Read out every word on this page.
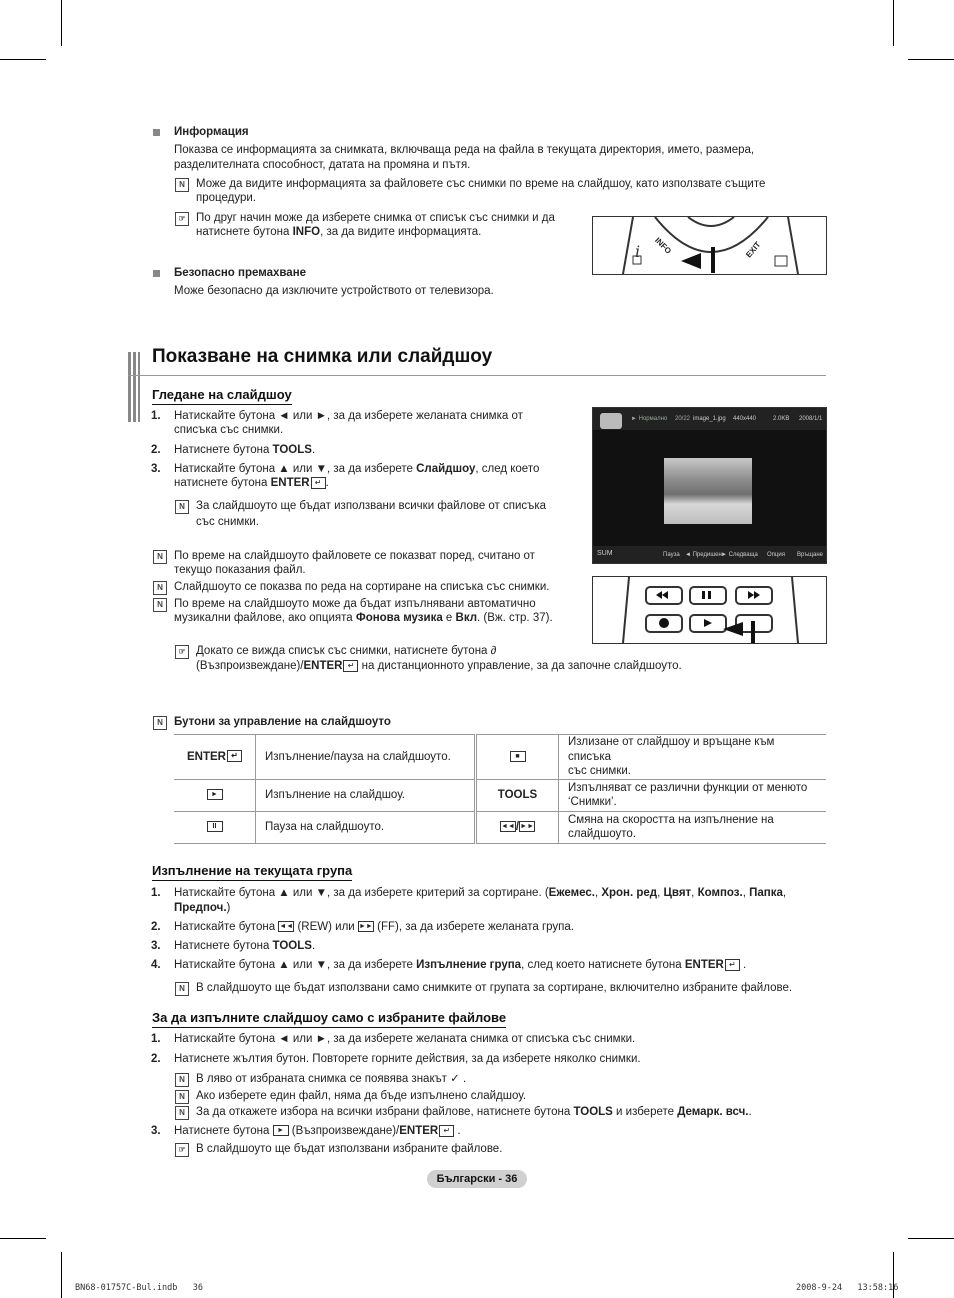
Информация
Показва се информацията за снимката, включваща реда на файла в текущата директория, името, размера,
разделителната способност, датата на промяна и пътя.
N Може да видите информацията за файловете със снимки по време на слайдшоу, като използвате същите
процедури.
☞ По друг начин може да изберете снимка от списък със снимки и да
натиснете бутона INFO, за да видите информацията.
i	INFO	EXIT
Безопасно премахване
Може безопасно да изключите устройството от телевизора.
Показване на снимка или слайдшоу
Гледане на слайдшоу
1. Натискайте бутона ◄ или ►, за да изберете желаната снимка от
списъка със снимки.
2. Натиснете бутона TOOLS.
3. Натискайте бутона ▲ или ▼, за да изберете Слайдшоу, след което
натиснете бутона ENTER ↵ .
N За слайдшоуто ще бъдат използвани всички файлове от списъка
със снимки.
N По време на слайдшоуто файловете се показват поред, считано от
текущо показания файл.
N Слайдшоуто се показва по реда на сортиране на списъка със снимки.
N По време на слайдшоуто може да бъдат изпълнявани автоматично
музикални файлове, ако опцията Фонова музика е Вкл. (Вж. стр. 37).
☞ Докато се вижда списък със снимки, натиснете бутона ∂
(Възпроизвеждане)/ENTER ↵ на дистанционното управление, за да започне слайдшоуто.
► Нормално 20/22 image_1.jpg 440x440	2.0KB 2008/1/1
SUM	Пауза ◄ Предишен ► Следваща Опция Връщане
N Бутони за управление на слайдшоуто
ENTER ↵	Изпълнение/пауза на слайдшоуто.	■	Излизане от слайдшоу и връщане към списъка
със снимки.
►	Изпълнение на слайдшоу.	TOOLS	Изпълняват се различни функции от менюто
‘Снимки’.
II	Пауза на слайдшоуто.	◄◄/►►	Смяна на скоростта на изпълнение на
слайдшоуто.
Изпълнение на текущата група
1. Натискайте бутона ▲ или ▼, за да изберете критерий за сортиране. (Ежемес., Хрон. ред, Цвят, Композ., Папка,
Предпоч.)
2. Натискайте бутона ◄◄ (REW) или ►► (FF), за да изберете желаната група.
3. Натиснете бутона TOOLS.
4. Натискайте бутона ▲ или ▼, за да изберете Изпълнение група, след което натиснете бутона ENTER ↵ .
N В слайдшоуто ще бъдат използвани само снимките от групата за сортиране, включително избраните файлове.
За да изпълните слайдшоу само с избраните файлове
1. Натискайте бутона ◄ или ►, за да изберете желаната снимка от списъка със снимки.
2. Натиснете жълтия бутон. Повторете горните действия, за да изберете няколко снимки.
N В ляво от избраната снимка се появява знакът ✓ .
N Ако изберете един файл, няма да бъде изпълнено слайдшоу.
N За да откажете избора на всички избрани файлове, натиснете бутона TOOLS и изберете Демарк. всч..
3. Натиснете бутона ► (Възпроизвеждане)/ENTER ↵ .
☞ В слайдшоуто ще бъдат използвани избраните файлове.
Български - 36
BN68-01757C-Bul.indb   36	2008-9-24   13:58:16
